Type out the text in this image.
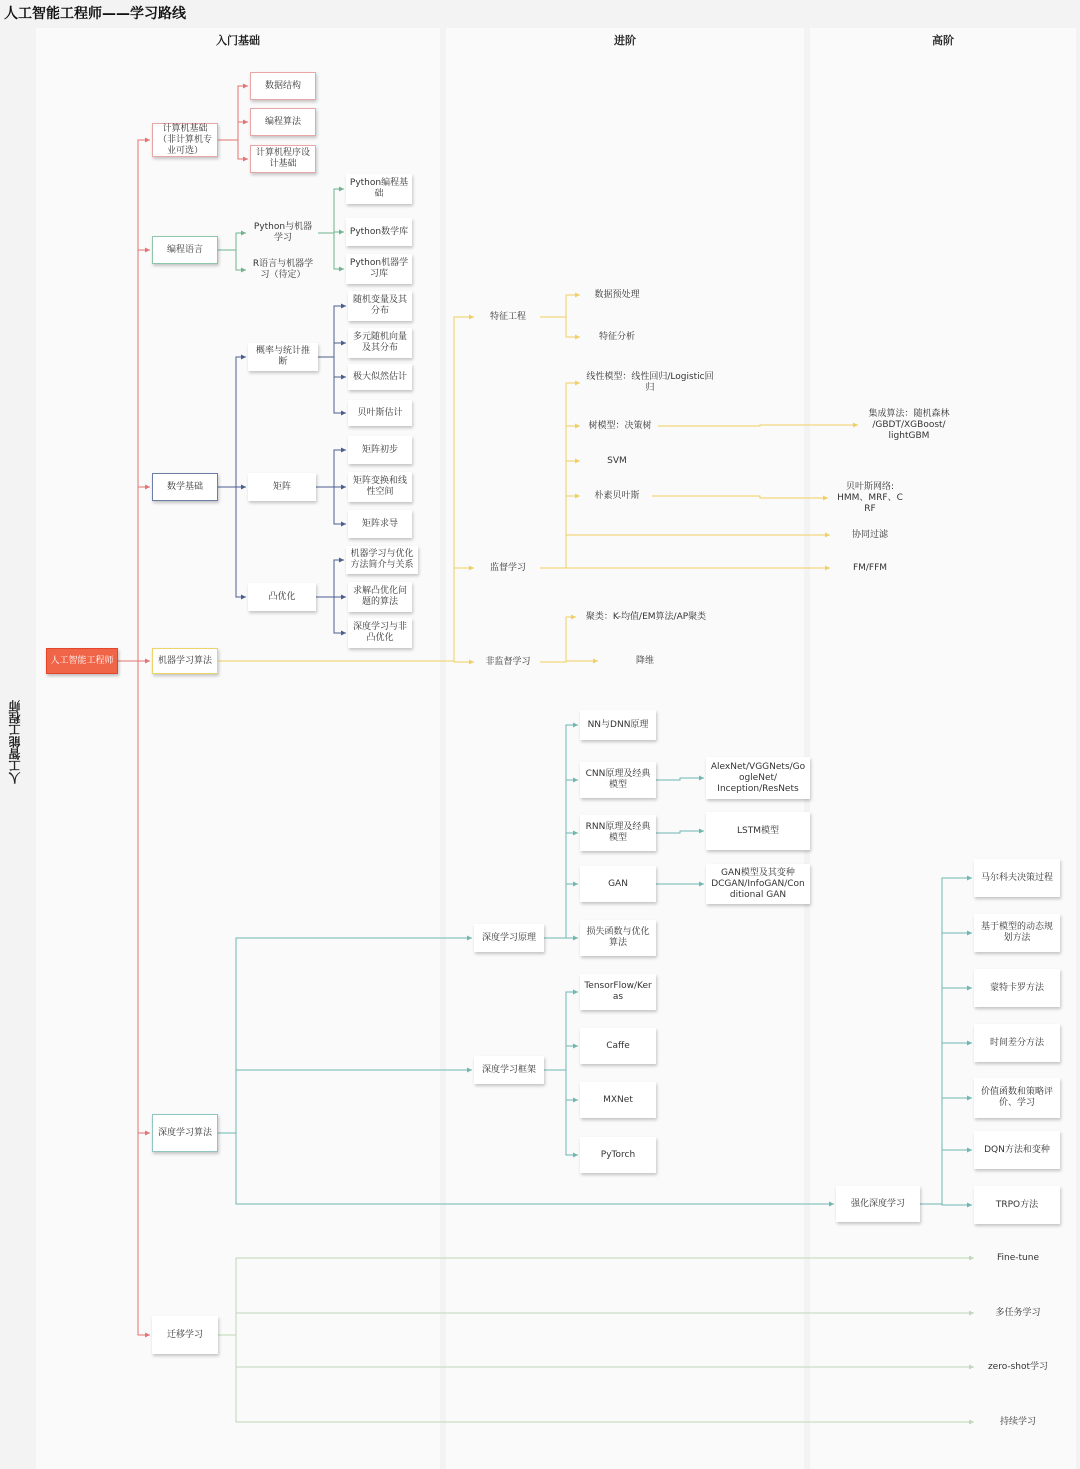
人工智能工程师——学习路线
人工智能工程师
入门基础	进阶	高阶
人工智能工程师
计算机基础
（非计算机专
业可选）
数据结构
编程算法
计算机程序设
计基础
编程语言
Python与机器
学习
R语言与机器学
习（待定）
Python编程基
础
Python数学库
Python机器学
习库
数学基础
概率与统计推
断
随机变量及其
分布
多元随机向量
及其分布
极大似然估计
贝叶斯估计
矩阵
矩阵初步
矩阵变换和线
性空间
矩阵求导
凸优化
机器学习与优化
方法简介与关系
求解凸优化问
题的算法
深度学习与非
凸优化
机器学习算法
特征工程
数据预处理
特征分析
监督学习
线性模型：线性回归/Logistic回
归
树模型：决策树
SVM
朴素贝叶斯
集成算法：随机森林
/GBDT/XGBoost/
lightGBM
贝叶斯网络:
HMM、MRF、C
RF
协同过滤
FM/FFM
非监督学习
聚类：K-均值/EM算法/AP聚类
降维
深度学习原理
NN与DNN原理
CNN原理及经典
模型
AlexNet/VGGNets/Go
ogleNet/
Inception/ResNets
RNN原理及经典
模型
LSTM模型
GAN
GAN模型及其变种
DCGAN/InfoGAN/Con
ditional GAN
损失函数与优化
算法
深度学习框架
TensorFlow/Ker
as
Caffe
MXNet
PyTorch
深度学习算法
强化深度学习
马尔科夫决策过程
基于模型的动态规
划方法
蒙特卡罗方法
时间差分方法
价值函数和策略评
价、学习
DQN方法和变种
TRPO方法
迁移学习
Fine-tune
多任务学习
zero-shot学习
持续学习
